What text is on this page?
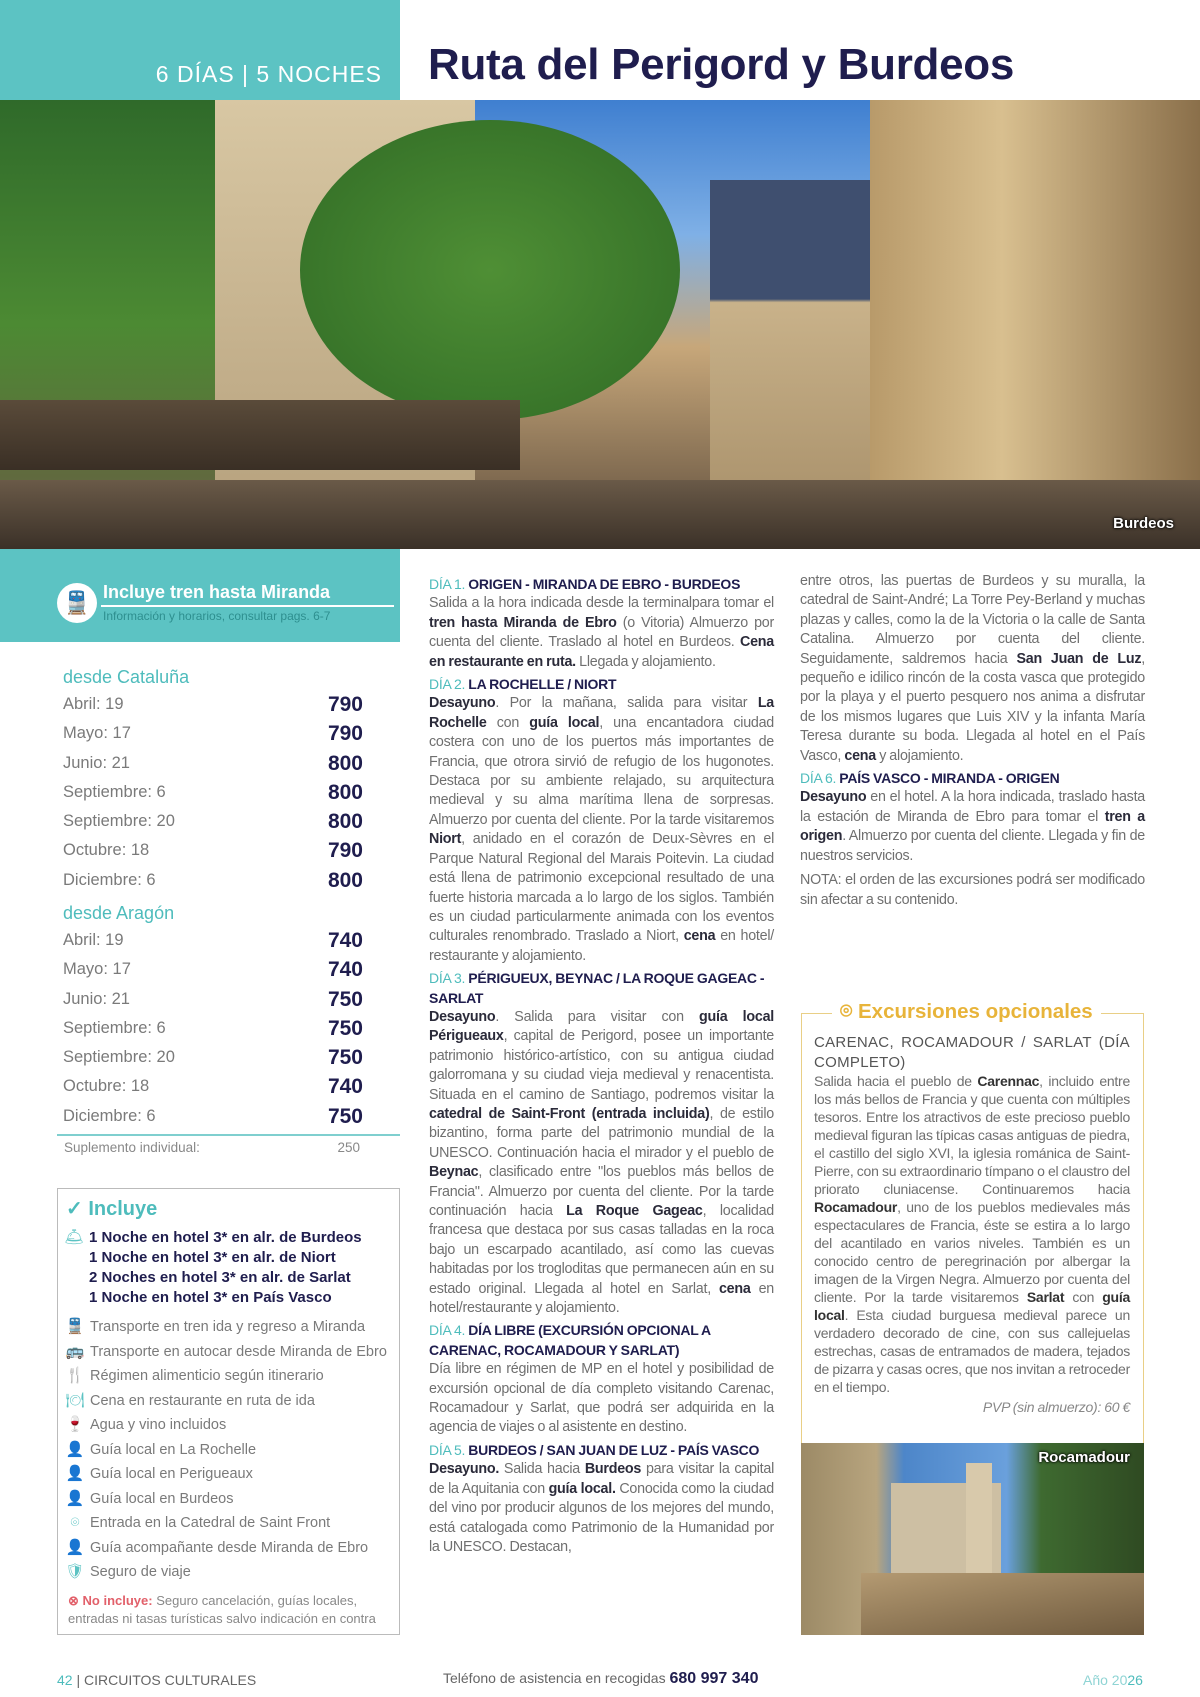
6 DÍAS | 5 NOCHES	Ruta del Perigord y Burdeos
Burdeos
🚆 Incluye tren hasta Miranda
Información y horarios, consultar pags. 6-7
desde Cataluña
Abril: 19	790
Mayo: 17	790
Junio: 21	800
Septiembre: 6	800
Septiembre: 20	800
Octubre: 18	790
Diciembre: 6	800
desde Aragón
Abril: 19	740
Mayo: 17	740
Junio: 21	750
Septiembre: 6	750
Septiembre: 20	750
Octubre: 18	740
Diciembre: 6	750
Suplemento individual:	250
✓ Incluye
🛎 1 Noche en hotel 3* en alr. de Burdeos
1 Noche en hotel 3* en alr. de Niort
2 Noches en hotel 3* en alr. de Sarlat
1 Noche en hotel 3* en País Vasco
🚆 Transporte en tren ida y regreso a Miranda
🚌 Transporte en autocar desde Miranda de Ebro
🍴 Régimen alimenticio según itinerario
🍽 Cena en restaurante en ruta de ida
🍷 Agua y vino incluidos
👤 Guía local en La Rochelle
👤 Guía local en Perigueaux
👤 Guía local en Burdeos
⌾ Entrada en la Catedral de Saint Front
👤 Guía acompañante desde Miranda de Ebro
🛡 Seguro de viaje
⊗ No incluye: Seguro cancelación, guías locales, entradas ni tasas turísticas salvo indicación en contra
DÍA 1. ORIGEN - MIRANDA DE EBRO - BURDEOS

Salida a la hora indicada desde la terminalpara tomar el tren hasta Miranda de Ebro (o Vitoria) Almuerzo por cuenta del cliente. Traslado al hotel en Burdeos. Cena en restaurante en ruta. Llegada y alojamiento.

DÍA 2. LA ROCHELLE / NIORT

Desayuno. Por la mañana, salida para visitar La Rochelle con guía local, una encantadora ciudad costera con uno de los puertos más importantes de Francia, que otrora sirvió de refugio de los hugonotes. Destaca por su ambiente relajado, su arquitectura medieval y su alma marítima llena de sorpresas. Almuerzo por cuenta del cliente. Por la tarde visitaremos Niort, anidado en el corazón de Deux-Sèvres en el Parque Natural Regional del Marais Poitevin. La ciudad está llena de patrimonio excepcional resultado de una fuerte historia marcada a lo largo de los siglos. También es un ciudad particularmente animada con los eventos culturales renombrado. Traslado a Niort, cena en hotel/ restaurante y alojamiento.

DÍA 3. PÉRIGUEUX, BEYNAC / LA ROQUE GAGEAC - SARLAT

Desayuno. Salida para visitar con guía local Périgueaux, capital de Perigord, posee un importante patrimonio histórico-artístico, con su antigua ciudad galorromana y su ciudad vieja medieval y renacentista. Situada en el camino de Santiago, podremos visitar la catedral de Saint-Front (entrada incluida), de estilo bizantino, forma parte del patrimonio mundial de la UNESCO. Continuación hacia el mirador y el pueblo de Beynac, clasificado entre "los pueblos más bellos de Francia". Almuerzo por cuenta del cliente. Por la tarde continuación hacia La Roque Gageac, localidad francesa que destaca por sus casas talladas en la roca bajo un escarpado acantilado, así como las cuevas habitadas por los trogloditas que permanecen aún en su estado original. Llegada al hotel en Sarlat, cena en hotel/restaurante y alojamiento.

DÍA 4. DÍA LIBRE (EXCURSIÓN OPCIONAL A CARENAC, ROCAMADOUR Y SARLAT)

Día libre en régimen de MP en el hotel y posibilidad de excursión opcional de día completo visitando Carenac, Rocamadour y Sarlat, que podrá ser adquirida en la agencia de viajes o al asistente en destino.

DÍA 5. BURDEOS / SAN JUAN DE LUZ - PAÍS VASCO

Desayuno. Salida hacia Burdeos para visitar la capital de la Aquitania con guía local. Conocida como la ciudad del vino por producir algunos de los mejores del mundo, está catalogada como Patrimonio de la Humanidad por la UNESCO. Destacan,

entre otros, las puertas de Burdeos y su muralla, la catedral de Saint-André; La Torre Pey-Berland y muchas plazas y calles, como la de la Victoria o la calle de Santa Catalina. Almuerzo por cuenta del cliente. Seguidamente, saldremos hacia San Juan de Luz, pequeño e idilico rincón de la costa vasca que protegido por la playa y el puerto pesquero nos anima a disfrutar de los mismos lugares que Luis XIV y la infanta María Teresa durante su boda. Llegada al hotel en el País Vasco, cena y alojamiento.

DÍA 6. PAÍS VASCO - MIRANDA - ORIGEN

Desayuno en el hotel. A la hora indicada, traslado hasta la estación de Miranda de Ebro para tomar el tren a origen. Almuerzo por cuenta del cliente. Llegada y fin de nuestros servicios.

NOTA: el orden de las excursiones podrá ser modificado sin afectar a su contenido.

⌾ Excursiones opcionales
CARENAC, ROCAMADOUR / SARLAT (DÍA COMPLETO)

Salida hacia el pueblo de Carennac, incluido entre los más bellos de Francia y que cuenta con múltiples tesoros. Entre los atractivos de este precioso pueblo medieval figuran las típicas casas antiguas de piedra, el castillo del siglo XVI, la iglesia románica de Saint-Pierre, con su extraordinario tímpano o el claustro del priorato cluniacense. Continuaremos hacia Rocamadour, uno de los pueblos medievales más espectaculares de Francia, éste se estira a lo largo del acantilado en varios niveles. También es un conocido centro de peregrinación por albergar la imagen de la Virgen Negra. Almuerzo por cuenta del cliente. Por la tarde visitaremos Sarlat con guía local. Esta ciudad burguesa medieval parece un verdadero decorado de cine, con sus callejuelas estrechas, casas de entramados de madera, tejados de pizarra y casas ocres, que nos invitan a retroceder en el tiempo.

PVP (sin almuerzo): 60 €
Rocamadour
42 | CIRCUITOS CULTURALES	Teléfono de asistencia en recogidas 680 997 340	Año 2026
